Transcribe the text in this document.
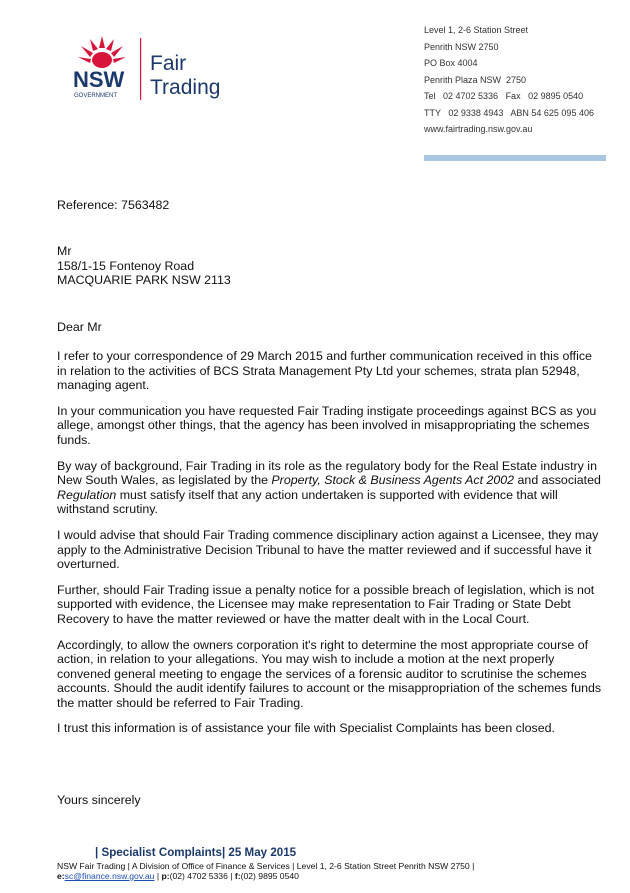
NSW
GOVERNMENT
Fair
Trading
Level 1, 2-6 Station Street
Penrith NSW 2750
PO Box 4004
Penrith Plaza NSW  2750
Tel   02 4702 5336   Fax   02 9895 0540
TTY   02 9338 4943   ABN 54 625 095 406
www.fairtrading.nsw.gov.au
Reference: 7563482
Mr    
158/1-15 Fontenoy Road
MACQUARIE PARK NSW 2113
Dear Mr

I refer to your correspondence of 29 March 2015 and further communication received in this office in relation to the activities of BCS Strata Management Pty Ltd your schemes, strata plan 52948, managing agent.

In your communication you have requested Fair Trading instigate proceedings against BCS as you allege, amongst other things, that the agency has been involved in misappropriating the schemes funds.

By way of background, Fair Trading in its role as the regulatory body for the Real Estate industry in New South Wales, as legislated by the Property, Stock & Business Agents Act 2002 and associated Regulation must satisfy itself that any action undertaken is supported with evidence that will withstand scrutiny.

I would advise that should Fair Trading commence disciplinary action against a Licensee, they may apply to the Administrative Decision Tribunal to have the matter reviewed and if successful have it overturned.

Further, should Fair Trading issue a penalty notice for a possible breach of legislation, which is not supported with evidence, the Licensee may make representation to Fair Trading or State Debt Recovery to have the matter reviewed or have the matter dealt with in the Local Court.

Accordingly, to allow the owners corporation it's right to determine the most appropriate course of action, in relation to your allegations. You may wish to include a motion at the next properly convened general meeting to engage the services of a forensic auditor to scrutinise the schemes accounts. Should the audit identify failures to account or the misappropriation of the schemes funds the matter should be referred to Fair Trading.

I trust this information is of assistance your file with Specialist Complaints has been closed.

Yours sincerely
       | Specialist Complaints| 25 May 2015
NSW Fair Trading | A Division of Office of Finance & Services | Level 1, 2-6 Station Street Penrith NSW 2750 |
e:sc@finance.nsw.gov.au | p:(02) 4702 5336 | f:(02) 9895 0540
